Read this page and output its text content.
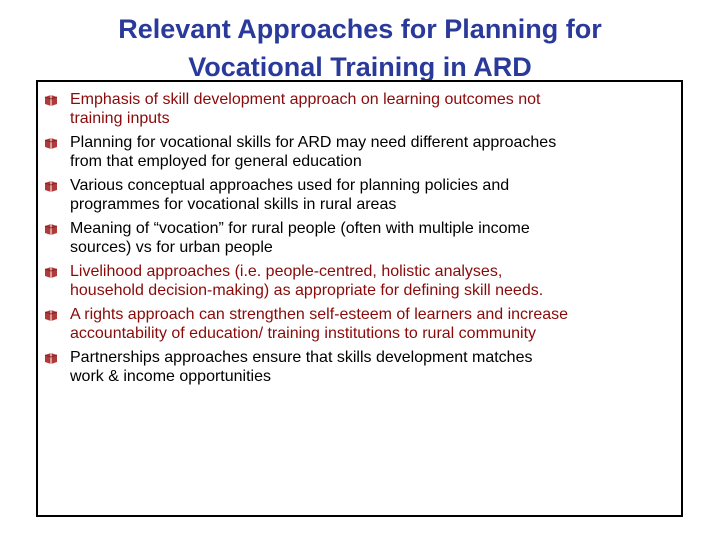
Relevant Approaches for Planning for
Vocational Training in ARD
Emphasis of skill development approach on learning outcomes not
training inputs
Planning for vocational skills for ARD may need different approaches
from that employed for general education
Various conceptual approaches used for planning policies and
programmes for vocational skills in rural areas
Meaning of “vocation” for rural people (often with multiple income
sources) vs for urban people
Livelihood approaches (i.e. people-centred, holistic analyses,
household decision-making) as appropriate for defining skill needs.
A rights approach can strengthen self-esteem of learners and increase
accountability of education/ training institutions to rural community
Partnerships approaches ensure that skills development matches
work & income opportunities
